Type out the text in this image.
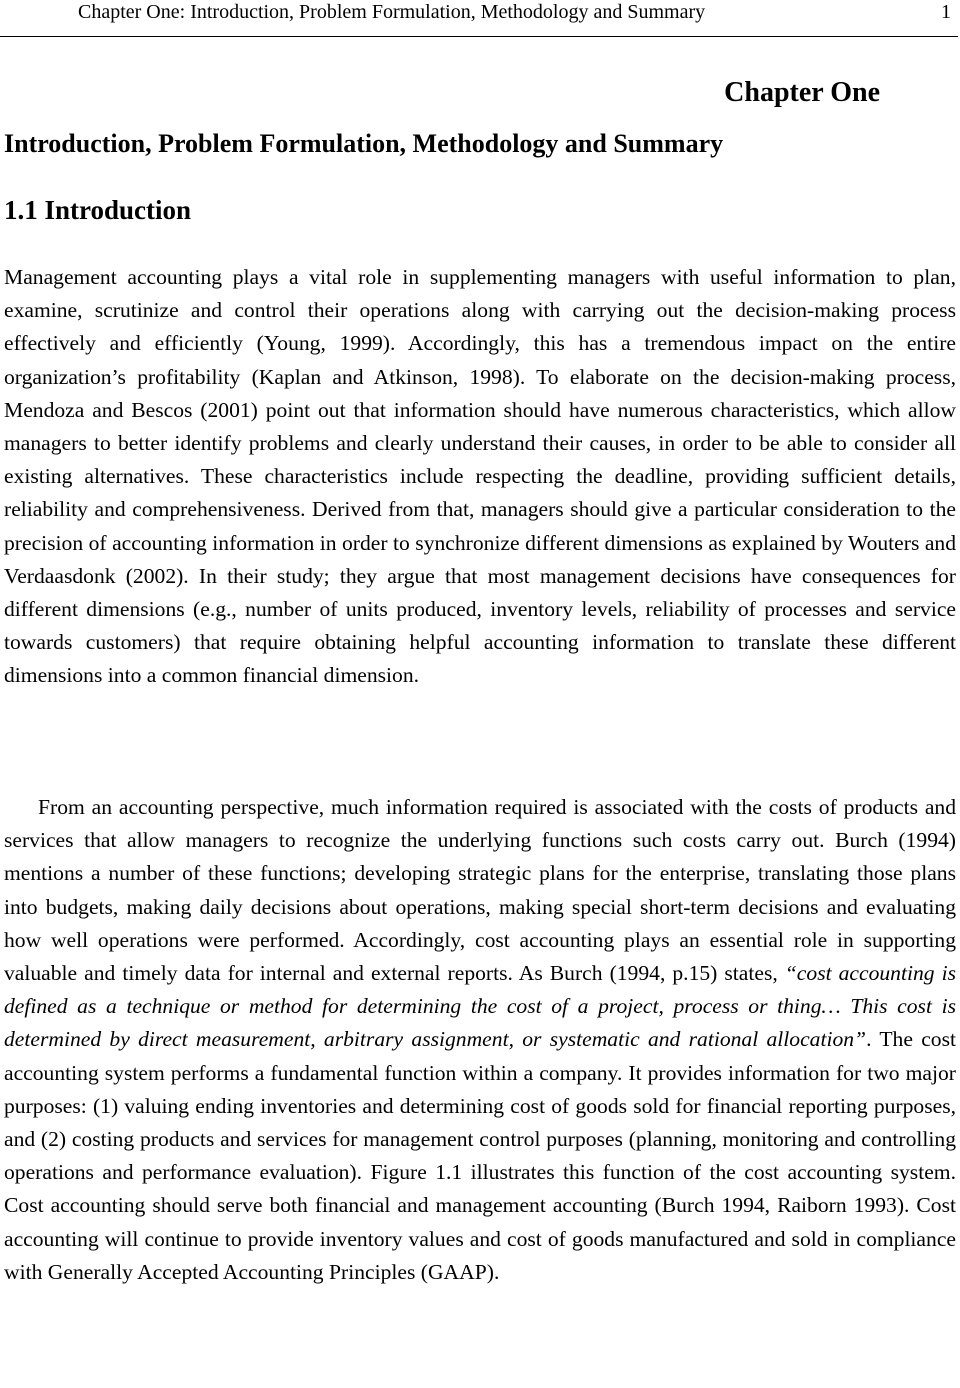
Chapter One: Introduction, Problem Formulation, Methodology and Summary	1
Chapter One
Introduction, Problem Formulation, Methodology and Summary
1.1 Introduction

Management accounting plays a vital role in supplementing managers with useful information to plan, examine, scrutinize and control their operations along with carrying out the decision-making process effectively and efficiently (Young, 1999). Accordingly, this has a tremendous impact on the entire organization’s profitability (Kaplan and Atkinson, 1998). To elaborate on the decision-making process, Mendoza and Bescos (2001) point out that information should have numerous characteristics, which allow managers to better identify problems and clearly understand their causes, in order to be able to consider all existing alternatives. These characteristics include respecting the deadline, providing sufficient details, reliability and comprehensiveness. Derived from that, managers should give a particular consideration to the precision of accounting information in order to synchronize different dimensions as explained by Wouters and Verdaasdonk (2002). In their study; they argue that most management decisions have consequences for different dimensions (e.g., number of units produced, inventory levels, reliability of processes and service towards customers) that require obtaining helpful accounting information to translate these different dimensions into a common financial dimension.

From an accounting perspective, much information required is associated with the costs of products and services that allow managers to recognize the underlying functions such costs carry out. Burch (1994) mentions a number of these functions; developing strategic plans for the enterprise, translating those plans into budgets, making daily decisions about operations, making special short-term decisions and evaluating how well operations were performed. Accordingly, cost accounting plays an essential role in supporting valuable and timely data for internal and external reports. As Burch (1994, p.15) states, “cost accounting is defined as a technique or method for determining the cost of a project, process or thing… This cost is determined by direct measurement, arbitrary assignment, or systematic and rational allocation”. The cost accounting system performs a fundamental function within a company. It provides information for two major purposes: (1) valuing ending inventories and determining cost of goods sold for financial reporting purposes, and (2) costing products and services for management control purposes (planning, monitoring and controlling operations and performance evaluation). Figure 1.1 illustrates this function of the cost accounting system. Cost accounting should serve both financial and management accounting (Burch 1994, Raiborn 1993). Cost accounting will continue to provide inventory values and cost of goods manufactured and sold in compliance with Generally Accepted Accounting Principles (GAAP).
